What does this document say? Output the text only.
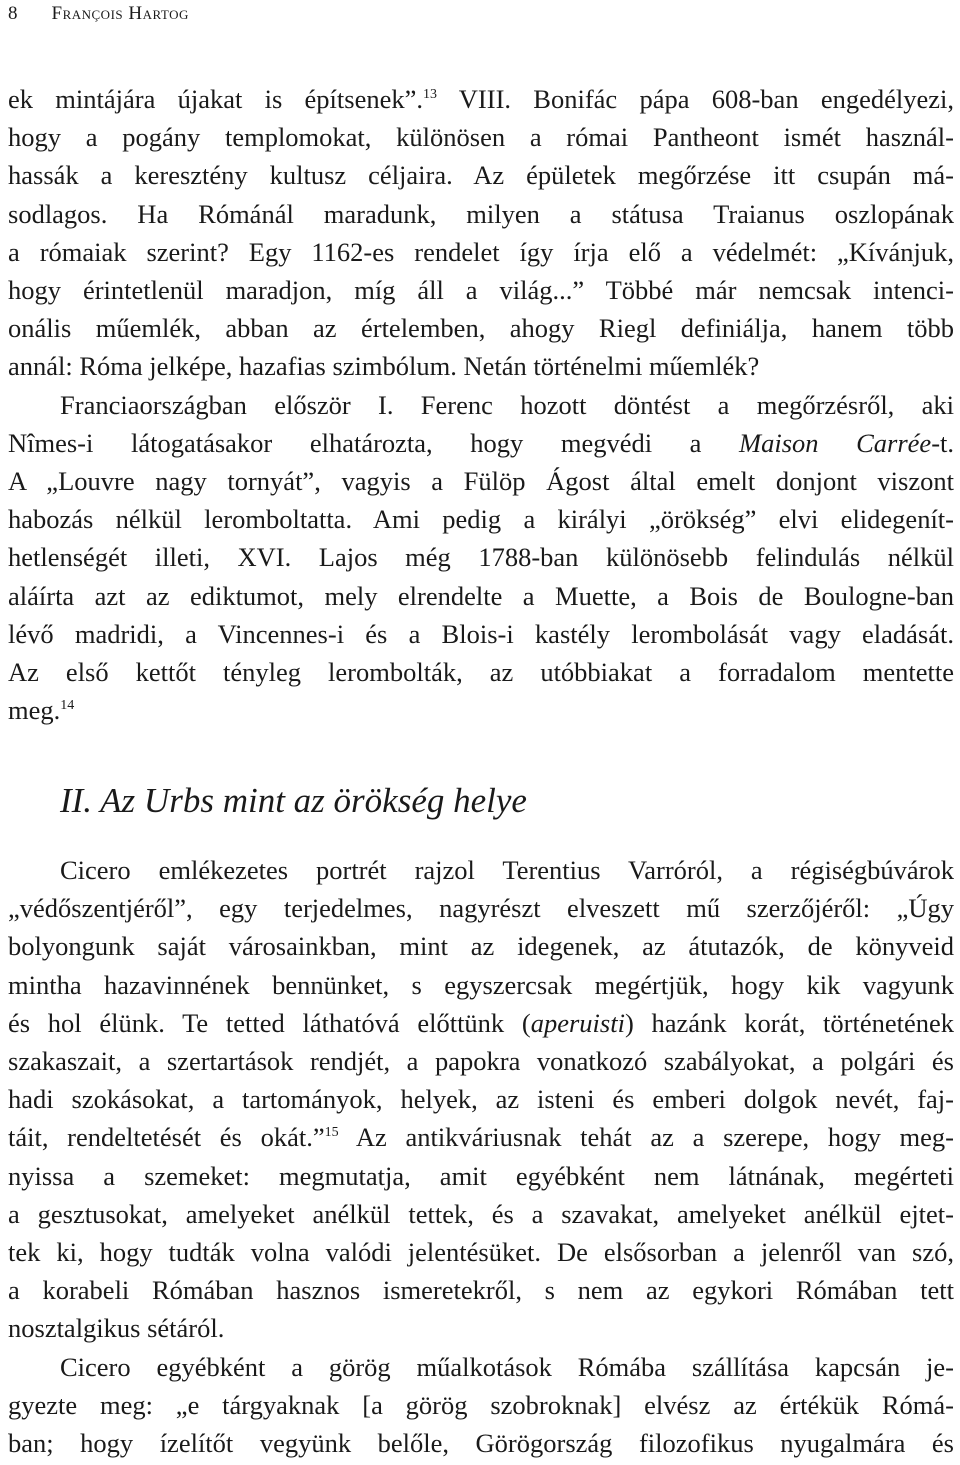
8 François Hartog
ek mintájára újakat is építsenek”.$^{13}$ VIII. Bonifác pápa 608-ban engedélyezi,
hogy a pogány templomokat, különösen a római Pantheont ismét használ-
hassák a keresztény kultusz céljaira. Az épületek megőrzése itt csupán má-
sodlagos. Ha Rómánál maradunk, milyen a státusa Traianus oszlopának
a rómaiak szerint? Egy 1162-es rendelet így írja elő a védelmét: „Kívánjuk,
hogy érintetlenül maradjon, míg áll a világ...” Többé már nemcsak intenci-
onális műemlék, abban az értelemben, ahogy Riegl definiálja, hanem több
annál: Róma jelképe, hazafias szimbólum. Netán történelmi műemlék?
Franciaországban először I. Ferenc hozott döntést a megőrzésről, aki
Nîmes-i látogatásakor elhatározta, hogy megvédi a Maison Carrée-t.
A „Louvre nagy tornyát”, vagyis a Fülöp Ágost által emelt donjont viszont
habozás nélkül leromboltatta. Ami pedig a királyi „örökség” elvi elidegenít-
hetlenségét illeti, XVI. Lajos még 1788-ban különösebb felindulás nélkül
aláírta azt az ediktumot, mely elrendelte a Muette, a Bois de Boulogne-ban
lévő madridi, a Vincennes-i és a Blois-i kastély lerombolását vagy eladását.
Az első kettőt tényleg lerombolták, az utóbbiakat a forradalom mentette
meg.$^{14}$
II. Az Urbs mint az örökség helye
Cicero emlékezetes portrét rajzol Terentius Varróról, a régiségbúvárok
„védőszentjéről”, egy terjedelmes, nagyrészt elveszett mű szerzőjéről: „Úgy
bolyongunk saját városainkban, mint az idegenek, az átutazók, de könyveid
mintha hazavinnének bennünket, s egyszercsak megértjük, hogy kik vagyunk
és hol élünk. Te tetted láthatóvá előttünk (aperuisti) hazánk korát, történetének
szakaszait, a szertartások rendjét, a papokra vonatkozó szabályokat, a polgári és
hadi szokásokat, a tartományok, helyek, az isteni és emberi dolgok nevét, faj-
táit, rendeltetését és okát.”$^{15}$ Az antikváriusnak tehát az a szerepe, hogy meg-
nyissa a szemeket: megmutatja, amit egyébként nem látnának, megérteti
a gesztusokat, amelyeket anélkül tettek, és a szavakat, amelyeket anélkül ejtet-
tek ki, hogy tudták volna valódi jelentésüket. De elsősorban a jelenről van szó,
a korabeli Rómában hasznos ismeretekről, s nem az egykori Rómában tett
nosztalgikus sétáról.
Cicero egyébként a görög műalkotások Rómába szállítása kapcsán je-
gyezte meg: „e tárgyaknak [a görög szobroknak] elvész az értékük Rómá-
ban; hogy ízelítőt vegyünk belőle, Görögország filozofikus nyugalmára és
